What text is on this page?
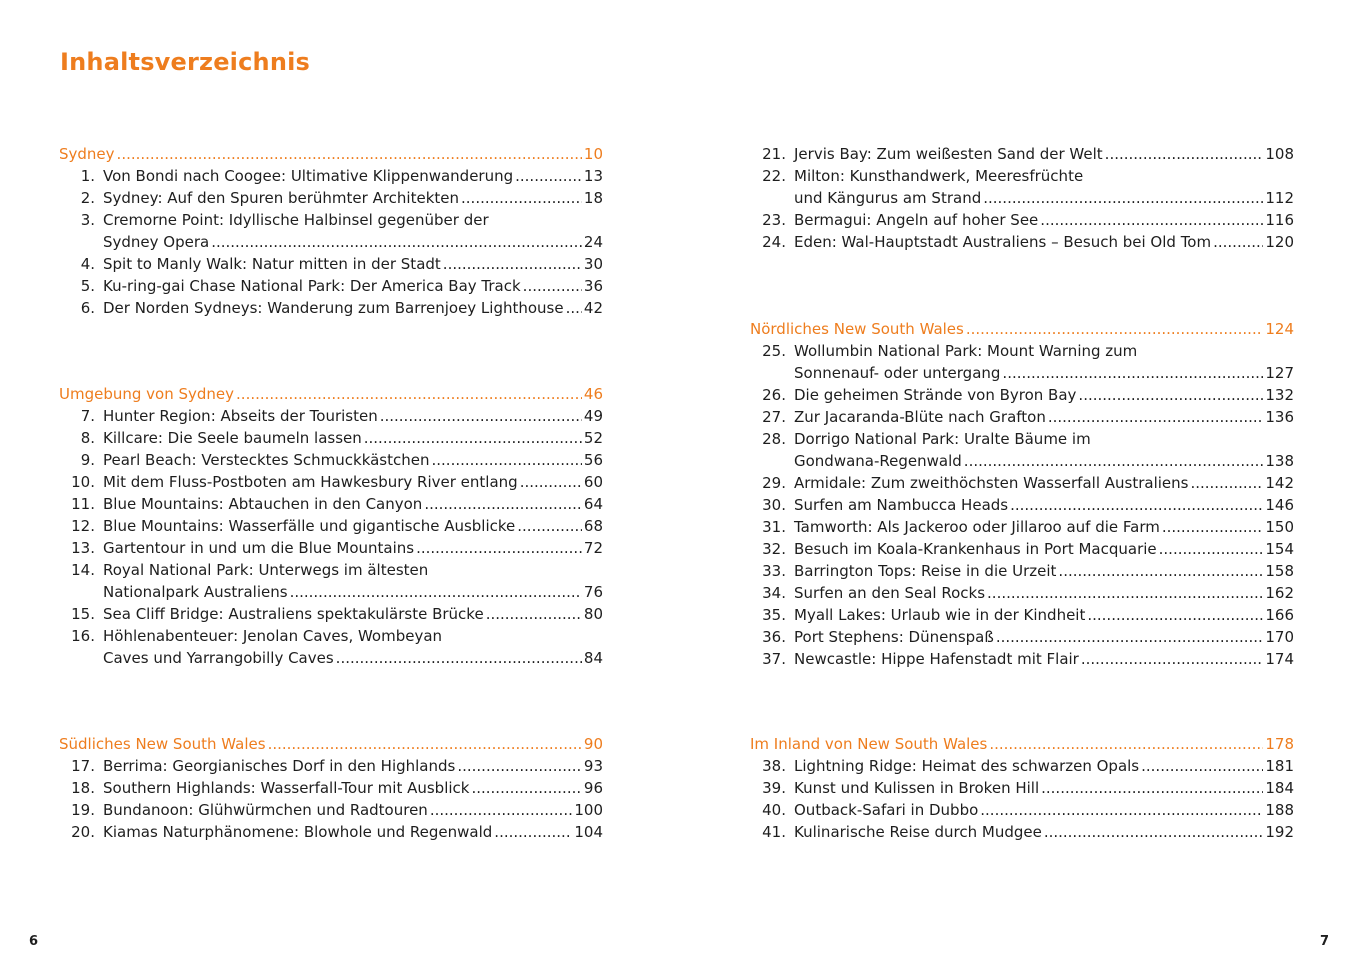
Inhaltsverzeichnis
Sydney .....	10
1. Von Bondi nach Coogee: Ultimative Klippenwanderung .....	13
2. Sydney: Auf den Spuren berühmter Architekten .....	18
3. Cremorne Point: Idyllische Halbinsel gegenüber der
Sydney Opera .....	24
4. Spit to Manly Walk: Natur mitten in der Stadt .....	30
5. Ku-ring-gai Chase National Park: Der America Bay Track .....	36
6. Der Norden Sydneys: Wanderung zum Barrenjoey Lighthouse ..... 42
Umgebung von Sydney .....	46
7. Hunter Region: Abseits der Touristen .....	49
8. Killcare: Die Seele baumeln lassen .....	52
9. Pearl Beach: Verstecktes Schmuckkästchen .....	56
10. Mit dem Fluss-Postboten am Hawkesbury River entlang .....	60
11. Blue Mountains: Abtauchen in den Canyon .....	64
12. Blue Mountains: Wasserfälle und gigantische Ausblicke .....	68
13. Gartentour in und um die Blue Mountains .....	72
14. Royal National Park: Unterwegs im ältesten
Nationalpark Australiens .....	76
15. Sea Cliff Bridge: Australiens spektakulärste Brücke .....	80
16. Höhlenabenteuer: Jenolan Caves, Wombeyan
Caves und Yarrangobilly Caves .....	84
Südliches New South Wales .....	90
17. Berrima: Georgianisches Dorf in den Highlands .....	93
18. Southern Highlands: Wasserfall-Tour mit Ausblick .....	96
19. Bundanoon: Glühwürmchen und Radtouren .....	100
20. Kiamas Naturphänomene: Blowhole und Regenwald .....	104
21. Jervis Bay: Zum weißesten Sand der Welt .....	108
22. Milton: Kunsthandwerk, Meeresfrüchte
und Kängurus am Strand .....	112
23. Bermagui: Angeln auf hoher See .....	116
24. Eden: Wal-Hauptstadt Australiens – Besuch bei Old Tom .....	120
Nördliches New South Wales .....	124
25. Wollumbin National Park: Mount Warning zum
Sonnenauf- oder untergang .....	127
26. Die geheimen Strände von Byron Bay .....	132
27. Zur Jacaranda-Blüte nach Grafton .....	136
28. Dorrigo National Park: Uralte Bäume im
Gondwana-Regenwald .....	138
29. Armidale: Zum zweithöchsten Wasserfall Australiens .....	142
30. Surfen am Nambucca Heads .....	146
31. Tamworth: Als Jackeroo oder Jillaroo auf die Farm .....	150
32. Besuch im Koala-Krankenhaus in Port Macquarie .....	154
33. Barrington Tops: Reise in die Urzeit .....	158
34. Surfen an den Seal Rocks .....	162
35. Myall Lakes: Urlaub wie in der Kindheit .....	166
36. Port Stephens: Dünenspaß .....	170
37. Newcastle: Hippe Hafenstadt mit Flair .....	174
Im Inland von New South Wales .....	178
38. Lightning Ridge: Heimat des schwarzen Opals .....	181
39. Kunst und Kulissen in Broken Hill .....	184
40. Outback-Safari in Dubbo .....	188
41. Kulinarische Reise durch Mudgee .....	192
6	7
